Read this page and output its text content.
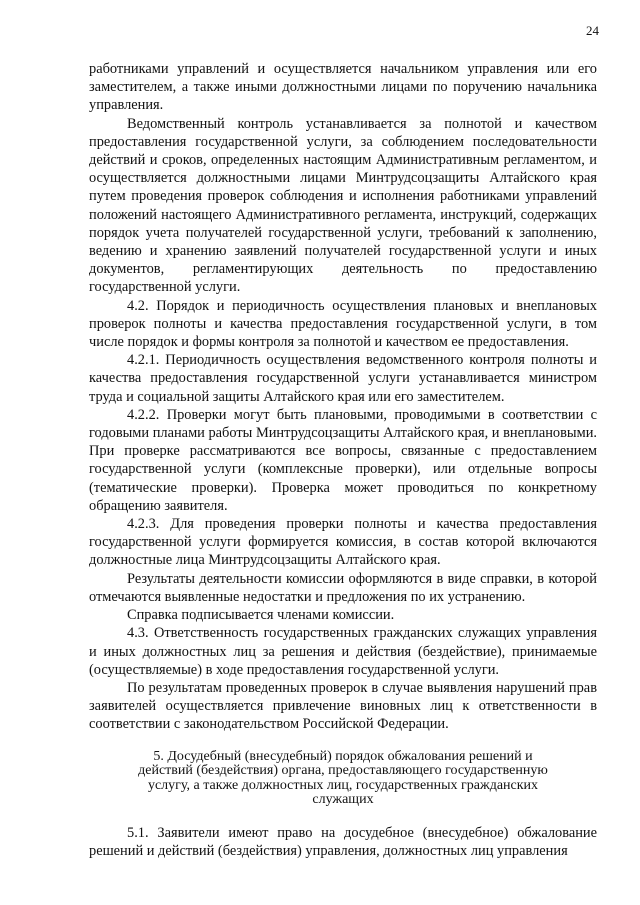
24

работниками управлений и осуществляется начальником управления или его заместителем, а также иными должностными лицами по поручению начальника управления.

Ведомственный контроль устанавливается за полнотой и качеством предоставления государственной услуги, за соблюдением последовательности действий и сроков, определенных настоящим Административным регламентом, и осуществляется должностными лицами Минтрудсоцзащиты Алтайского края путем проведения проверок соблюдения и исполнения работниками управлений положений настоящего Административного регламента, инструкций, содержащих порядок учета получателей государственной услуги, требований к заполнению, ведению и хранению заявлений получателей государственной услуги и иных документов, регламентирующих деятельность по предоставлению государственной услуги.

4.2. Порядок и периодичность осуществления плановых и внеплановых проверок полноты и качества предоставления государственной услуги, в том числе порядок и формы контроля за полнотой и качеством ее предоставления.

4.2.1. Периодичность осуществления ведомственного контроля полноты и качества предоставления государственной услуги устанавливается министром труда и социальной защиты Алтайского края или его заместителем.

4.2.2. Проверки могут быть плановыми, проводимыми в соответствии с годовыми планами работы Минтрудсоцзащиты Алтайского края, и внеплановыми. При проверке рассматриваются все вопросы, связанные с предоставлением государственной услуги (комплексные проверки), или отдельные вопросы (тематические проверки). Проверка может проводиться по конкретному обращению заявителя.

4.2.3. Для проведения проверки полноты и качества предоставления государственной услуги формируется комиссия, в состав которой включаются должностные лица Минтрудсоцзащиты Алтайского края.

Результаты деятельности комиссии оформляются в виде справки, в которой отмечаются выявленные недостатки и предложения по их устранению.

Справка подписывается членами комиссии.

4.3. Ответственность государственных гражданских служащих управления и иных должностных лиц за решения и действия (бездействие), принимаемые (осуществляемые) в ходе предоставления государственной услуги.

По результатам проведенных проверок в случае выявления нарушений прав заявителей осуществляется привлечение виновных лиц к ответственности в соответствии с законодательством Российской Федерации.

5. Досудебный (внесудебный) порядок обжалования решений и действий (бездействия) органа, предоставляющего государственную услугу, а также должностных лиц, государственных гражданских служащих

5.1. Заявители имеют право на досудебное (внесудебное) обжалование решений и действий (бездействия) управления, должностных лиц управления
